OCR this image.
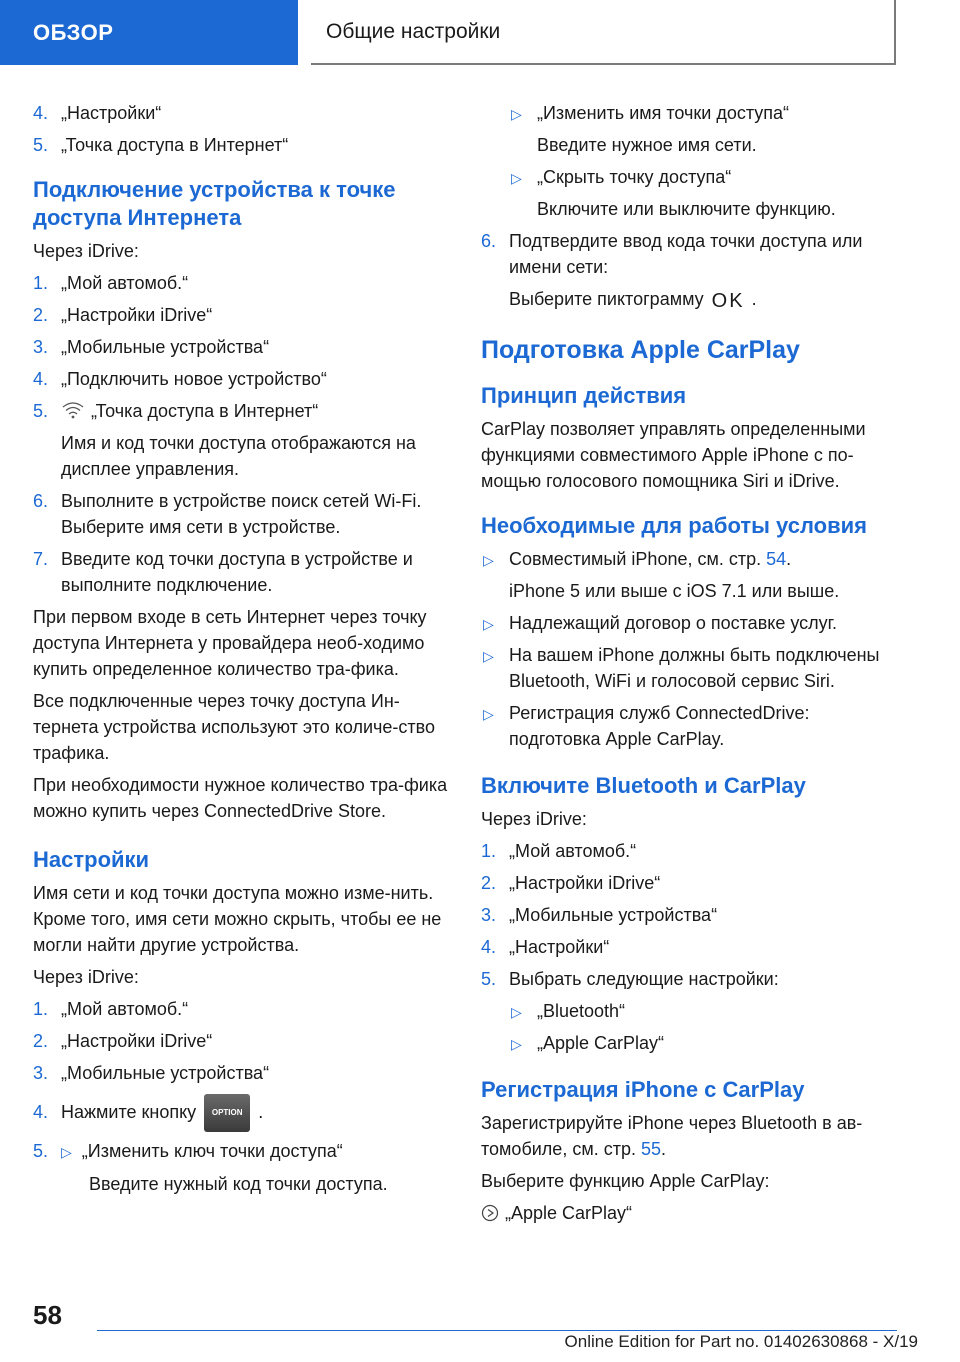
ОБЗОР	Общие настройки
4. „Настройки“
5. „Точка доступа в Интернет“
Подключение устройства к точке доступа Интернета

Через iDrive:

1. „Мой автомоб.“
2. „Настройки iDrive“
3. „Мобильные устройства“
4. „Подключить новое устройство“
5.	„Точка доступа в Интернет“
Имя и код точки доступа отображаются на дисплее управления.
6. Выполните в устройстве поиск сетей Wi-Fi. Выберите имя сети в устройстве.
7. Введите код точки доступа в устройстве и выполните подключение.

При первом входе в сеть Интернет через точку доступа Интернета у провайдера необ-ходимо купить определенное количество тра-фика.

Все подключенные через точку доступа Ин-тернета устройства используют это количе-ство трафика.

При необходимости нужное количество тра-фика можно купить через ConnectedDrive Store.

Настройки

Имя сети и код точки доступа можно изме-нить. Кроме того, имя сети можно скрыть, чтобы ее не могли найти другие устройства.

Через iDrive:

1. „Мой автомоб.“
2. „Настройки iDrive“
3. „Мобильные устройства“
4. Нажмите кнопку OPTION .
5. ▷ „Изменить ключ точки доступа“
Введите нужный код точки доступа.
▷ „Изменить имя точки доступа“
Введите нужное имя сети.
▷ „Скрыть точку доступа“
Включите или выключите функцию.
6. Подтвердите ввод кода точки доступа или имени сети:
Выберите пиктограмму OK .
Подготовка Apple CarPlay
Принцип действия

CarPlay позволяет управлять определенными функциями совместимого Apple iPhone с по-мощью голосового помощника Siri и iDrive.

Необходимые для работы условия
▷ Совместимый iPhone, см. стр. 54.
iPhone 5 или выше с iOS 7.1 или выше.
▷ Надлежащий договор о поставке услуг.
▷ На вашем iPhone должны быть подключены Bluetooth, WiFi и голосовой сервис Siri.
▷ Регистрация служб ConnectedDrive: подготовка Apple CarPlay.
Включите Bluetooth и CarPlay

Через iDrive:

1. „Мой автомоб.“
2. „Настройки iDrive“
3. „Мобильные устройства“
4. „Настройки“
5. Выбрать следующие настройки:
▷ „Bluetooth“
▷ „Apple CarPlay“
Регистрация iPhone с CarPlay

Зарегистрируйте iPhone через Bluetooth в ав-томобиле, см. стр. 55.

Выберите функцию Apple CarPlay:

„Apple CarPlay“

58
Online Edition for Part no. 01402630868 - X/19
